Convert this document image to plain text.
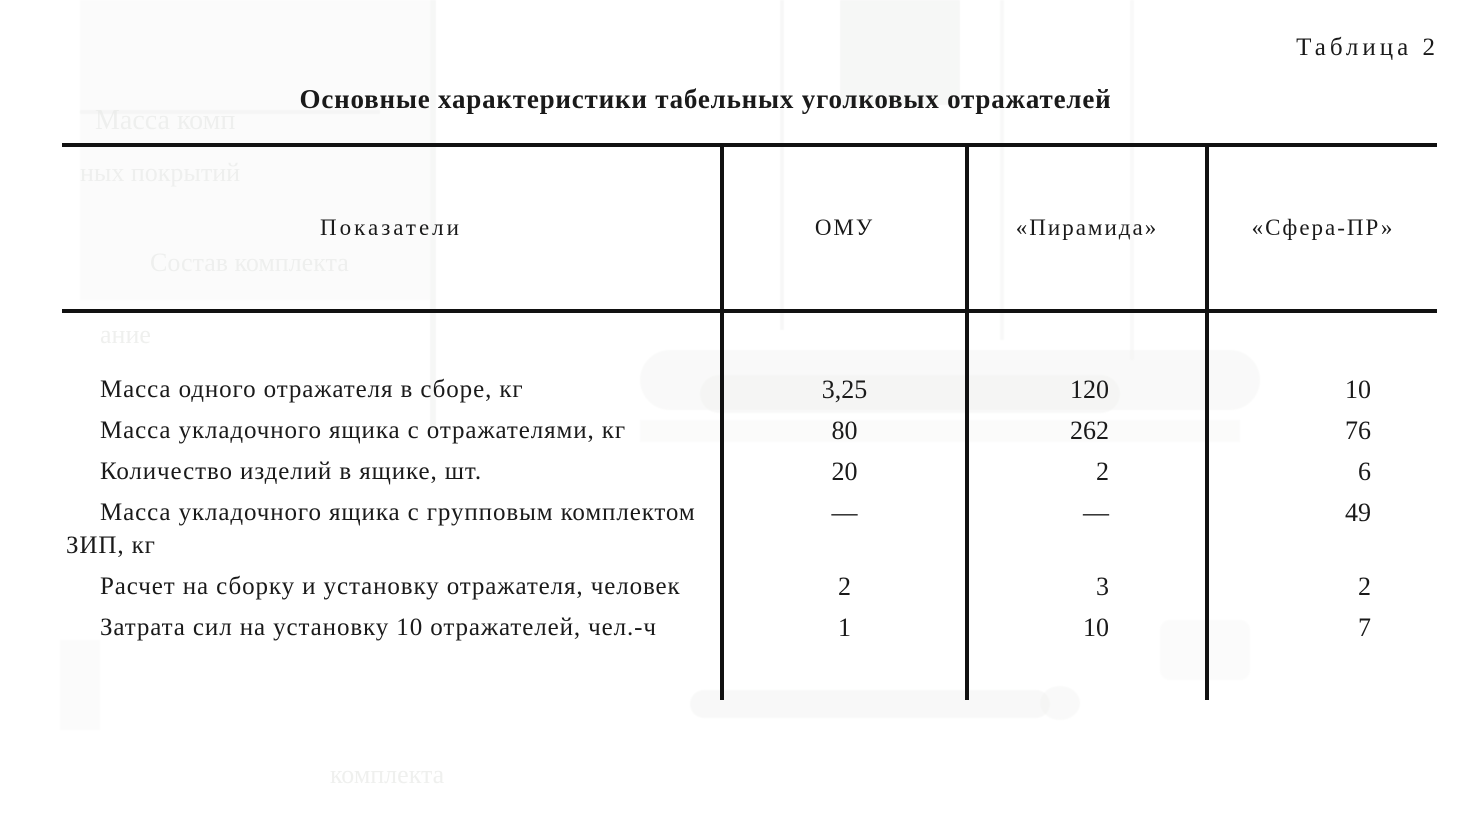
Масса комп
ных покрытий
Состав комплекта
ание
комплекта
Таблица 2
Основные характеристики табельных уголковых отражателей
Показатели	ОМУ	«Пирамида»	«Сфера-ПР»

Масса одного отражателя в сборе, кг	3,25	120	10
Масса укладочного ящика с отражателями, кг	80	262	76
Количество изделий в ящике, шт.	20	2	6
Масса укладочного ящика с групповым комплектом ЗИП, кг	—	—	49
Расчет на сборку и установку отражателя, человек	2	3	2
Затрата сил на установку 10 отражателей, чел.-ч	1	10	7
